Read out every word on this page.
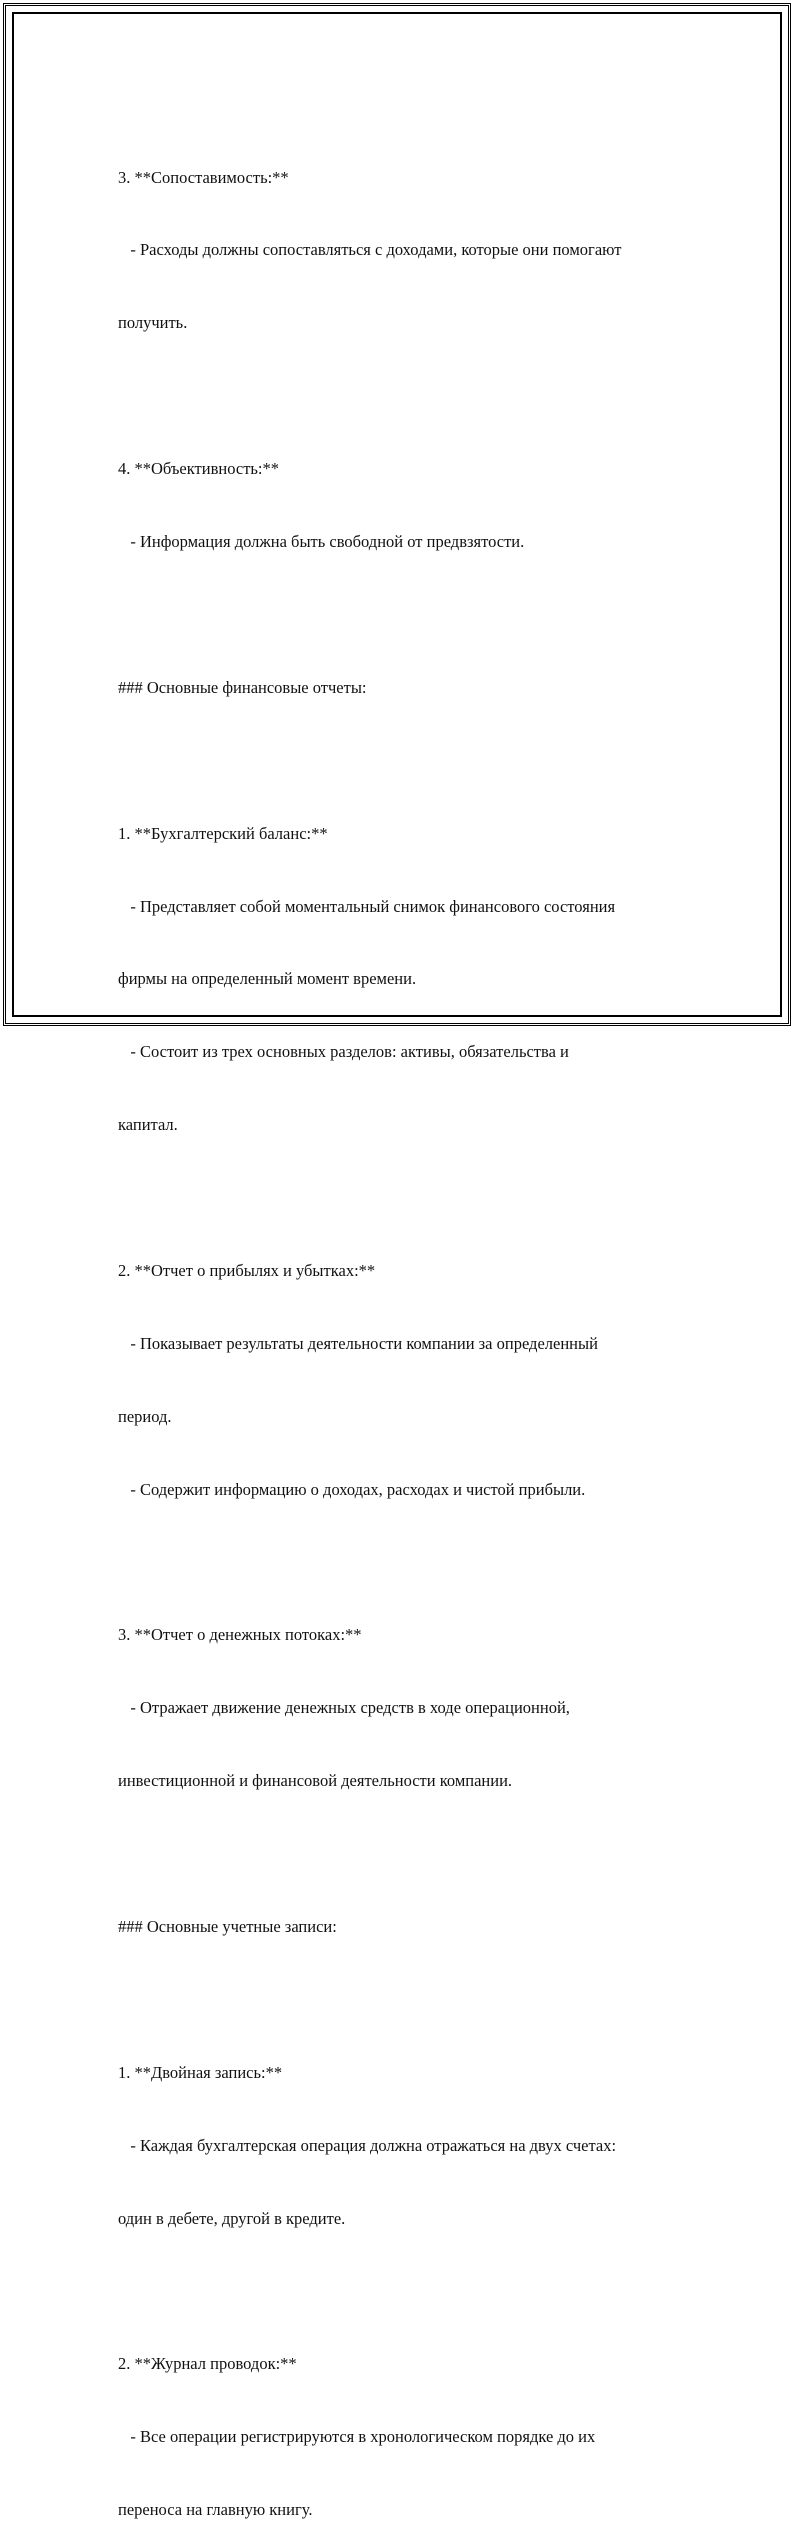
3. **Сопоставимость:**

- Расходы должны сопоставляться с доходами, которые они помогают

получить.

4. **Объективность:**

- Информация должна быть свободной от предвзятости.

### Основные финансовые отчеты:

1. **Бухгалтерский баланс:**

- Представляет собой моментальный снимок финансового состояния

фирмы на определенный момент времени.

- Состоит из трех основных разделов: активы, обязательства и

капитал.

2. **Отчет о прибылях и убытках:**

- Показывает результаты деятельности компании за определенный

период.

- Содержит информацию о доходах, расходах и чистой прибыли.

3. **Отчет о денежных потоках:**

- Отражает движение денежных средств в ходе операционной,

инвестиционной и финансовой деятельности компании.

### Основные учетные записи:

1. **Двойная запись:**

- Каждая бухгалтерская операция должна отражаться на двух счетах:

один в дебете, другой в кредите.

2. **Журнал проводок:**

- Все операции регистрируются в хронологическом порядке до их

переноса на главную книгу.
